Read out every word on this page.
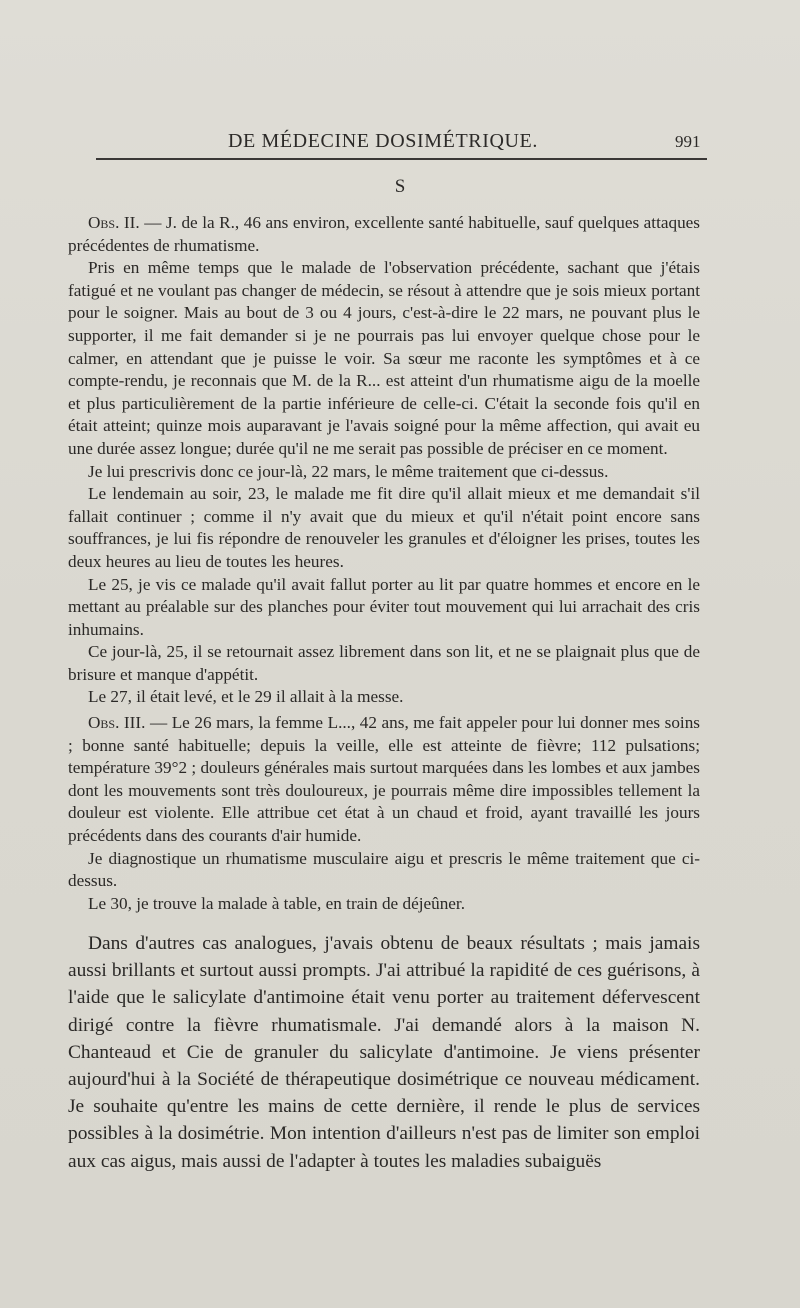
DE MÉDECINE DOSIMÉTRIQUE.	991
S

Obs. II. — J. de la R., 46 ans environ, excellente santé habituelle, sauf quelques attaques précédentes de rhumatisme.

Pris en même temps que le malade de l'observation précédente, sachant que j'étais fatigué et ne voulant pas changer de médecin, se résout à attendre que je sois mieux portant pour le soigner. Mais au bout de 3 ou 4 jours, c'est-à-dire le 22 mars, ne pouvant plus le supporter, il me fait demander si je ne pourrais pas lui envoyer quelque chose pour le calmer, en attendant que je puisse le voir. Sa sœur me raconte les symptômes et à ce compte-rendu, je reconnais que M. de la R... est atteint d'un rhumatisme aigu de la moelle et plus particulièrement de la partie inférieure de celle-ci. C'était la seconde fois qu'il en était atteint; quinze mois auparavant je l'avais soigné pour la même affection, qui avait eu une durée assez longue; durée qu'il ne me serait pas possible de préciser en ce moment.

Je lui prescrivis donc ce jour-là, 22 mars, le même traitement que ci-dessus.

Le lendemain au soir, 23, le malade me fit dire qu'il allait mieux et me demandait s'il fallait continuer ; comme il n'y avait que du mieux et qu'il n'était point encore sans souffrances, je lui fis répondre de renouveler les granules et d'éloigner les prises, toutes les deux heures au lieu de toutes les heures.

Le 25, je vis ce malade qu'il avait fallut porter au lit par quatre hommes et encore en le mettant au préalable sur des planches pour éviter tout mouvement qui lui arrachait des cris inhumains.

Ce jour-là, 25, il se retournait assez librement dans son lit, et ne se plaignait plus que de brisure et manque d'appétit.

Le 27, il était levé, et le 29 il allait à la messe.

Obs. III. — Le 26 mars, la femme L..., 42 ans, me fait appeler pour lui donner mes soins ; bonne santé habituelle; depuis la veille, elle est atteinte de fièvre; 112 pulsations; température 39°2 ; douleurs générales mais surtout marquées dans les lombes et aux jambes dont les mouvements sont très douloureux, je pourrais même dire impossibles tellement la douleur est violente. Elle attribue cet état à un chaud et froid, ayant travaillé les jours précédents dans des courants d'air humide.

Je diagnostique un rhumatisme musculaire aigu et prescris le même traitement que ci-dessus.

Le 30, je trouve la malade à table, en train de déjeûner.

Dans d'autres cas analogues, j'avais obtenu de beaux résultats ; mais jamais aussi brillants et surtout aussi prompts. J'ai attribué la rapidité de ces guérisons, à l'aide que le salicylate d'antimoine était venu porter au traitement défervescent dirigé contre la fièvre rhumatismale. J'ai demandé alors à la maison N. Chanteaud et Cie de granuler du salicylate d'antimoine. Je viens présenter aujourd'hui à la Société de thérapeutique dosimétrique ce nouveau médicament. Je souhaite qu'entre les mains de cette dernière, il rende le plus de services possibles à la dosimétrie. Mon intention d'ailleurs n'est pas de limiter son emploi aux cas aigus, mais aussi de l'adapter à toutes les maladies subaiguës
